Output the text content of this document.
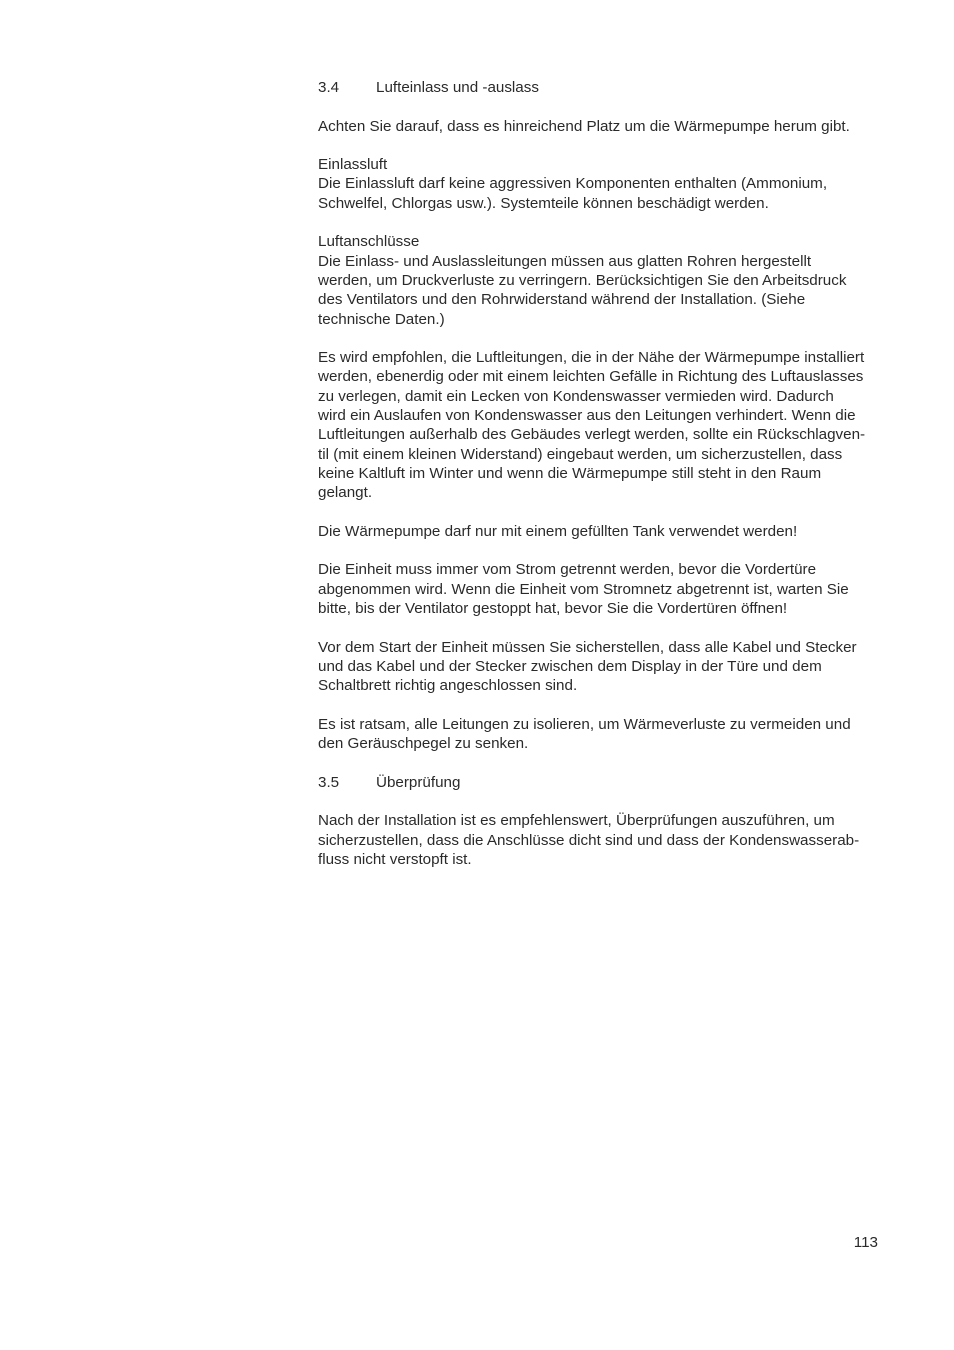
3.4 Lufteinlass und -auslass
Achten Sie darauf, dass es hinreichend Platz um die Wärmepumpe herum gibt.
Einlassluft
Die Einlassluft darf keine aggressiven Komponenten enthalten (Ammonium,
Schwelfel, Chlorgas usw.). Systemteile können beschädigt werden.
Luftanschlüsse
Die Einlass- und Auslassleitungen müssen aus glatten Rohren hergestellt
werden, um Druckverluste zu verringern. Berücksichtigen Sie den Arbeitsdruck
des Ventilators und den Rohrwiderstand während der Installation. (Siehe
technische Daten.)
Es wird empfohlen, die Luftleitungen, die in der Nähe der Wärmepumpe installiert
werden, ebenerdig oder mit einem leichten Gefälle in Richtung des Luftauslasses
zu verlegen, damit ein Lecken von Kondenswasser vermieden wird. Dadurch
wird ein Auslaufen von Kondenswasser aus den Leitungen verhindert. Wenn die
Luftleitungen außerhalb des Gebäudes verlegt werden, sollte ein Rückschlagven-
til (mit einem kleinen Widerstand) eingebaut werden, um sicherzustellen, dass
keine Kaltluft im Winter und wenn die Wärmepumpe still steht in den Raum
gelangt.
Die Wärmepumpe darf nur mit einem gefüllten Tank verwendet werden!
Die Einheit muss immer vom Strom getrennt werden, bevor die Vordertüre
abgenommen wird. Wenn die Einheit vom Stromnetz abgetrennt ist, warten Sie
bitte, bis der Ventilator gestoppt hat, bevor Sie die Vordertüren öffnen!
Vor dem Start der Einheit müssen Sie sicherstellen, dass alle Kabel und Stecker
und das Kabel und der Stecker zwischen dem Display in der Türe und dem
Schaltbrett richtig angeschlossen sind.
Es ist ratsam, alle Leitungen zu isolieren, um Wärmeverluste zu vermeiden und
den Geräuschpegel zu senken.
3.5 Überprüfung
Nach der Installation ist es empfehlenswert, Überprüfungen auszuführen, um
sicherzustellen, dass die Anschlüsse dicht sind und dass der Kondenswasserab-
fluss nicht verstopft ist.
113
